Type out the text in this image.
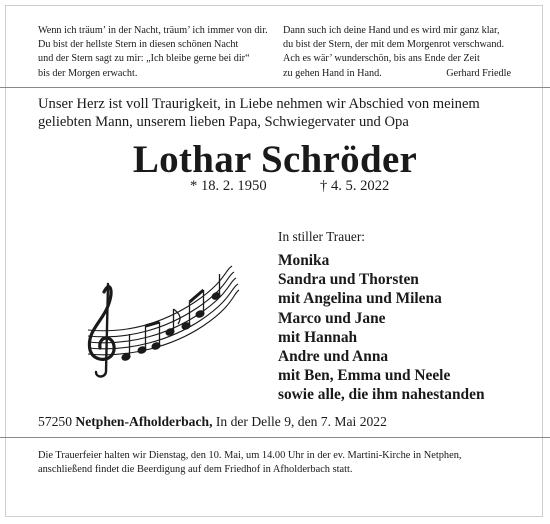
Wenn ich träum’ in der Nacht, träum’ ich immer von dir.
Du bist der hellste Stern in diesen schönen Nacht
und der Stern sagt zu mir: „Ich bleibe gerne bei dir“
bis der Morgen erwacht.
Dann such ich deine Hand und es wird mir ganz klar,
du bist der Stern, der mit dem Morgenrot verschwand.
Ach es wär’ wunderschön, bis ans Ende der Zeit
zu gehen Hand in Hand.	Gerhard Friedle
Unser Herz ist voll Traurigkeit, in Liebe nehmen wir Abschied von meinem geliebten Mann, unserem lieben Papa, Schwiegervater und Opa
Lothar Schröder
* 18. 2. 1950	† 4. 5. 2022
In stiller Trauer:
Monika
Sandra und Thorsten
mit Angelina und Milena
Marco und Jane
mit Hannah
Andre und Anna
mit Ben, Emma und Neele
sowie alle, die ihm nahestanden
57250 Netphen-Afholderbach, In der Delle 9, den 7. Mai 2022
Die Trauerfeier halten wir Dienstag, den 10. Mai, um 14.00 Uhr in der ev. Martini-Kirche in Netphen,
anschließend findet die Beerdigung auf dem Friedhof in Afholderbach statt.
